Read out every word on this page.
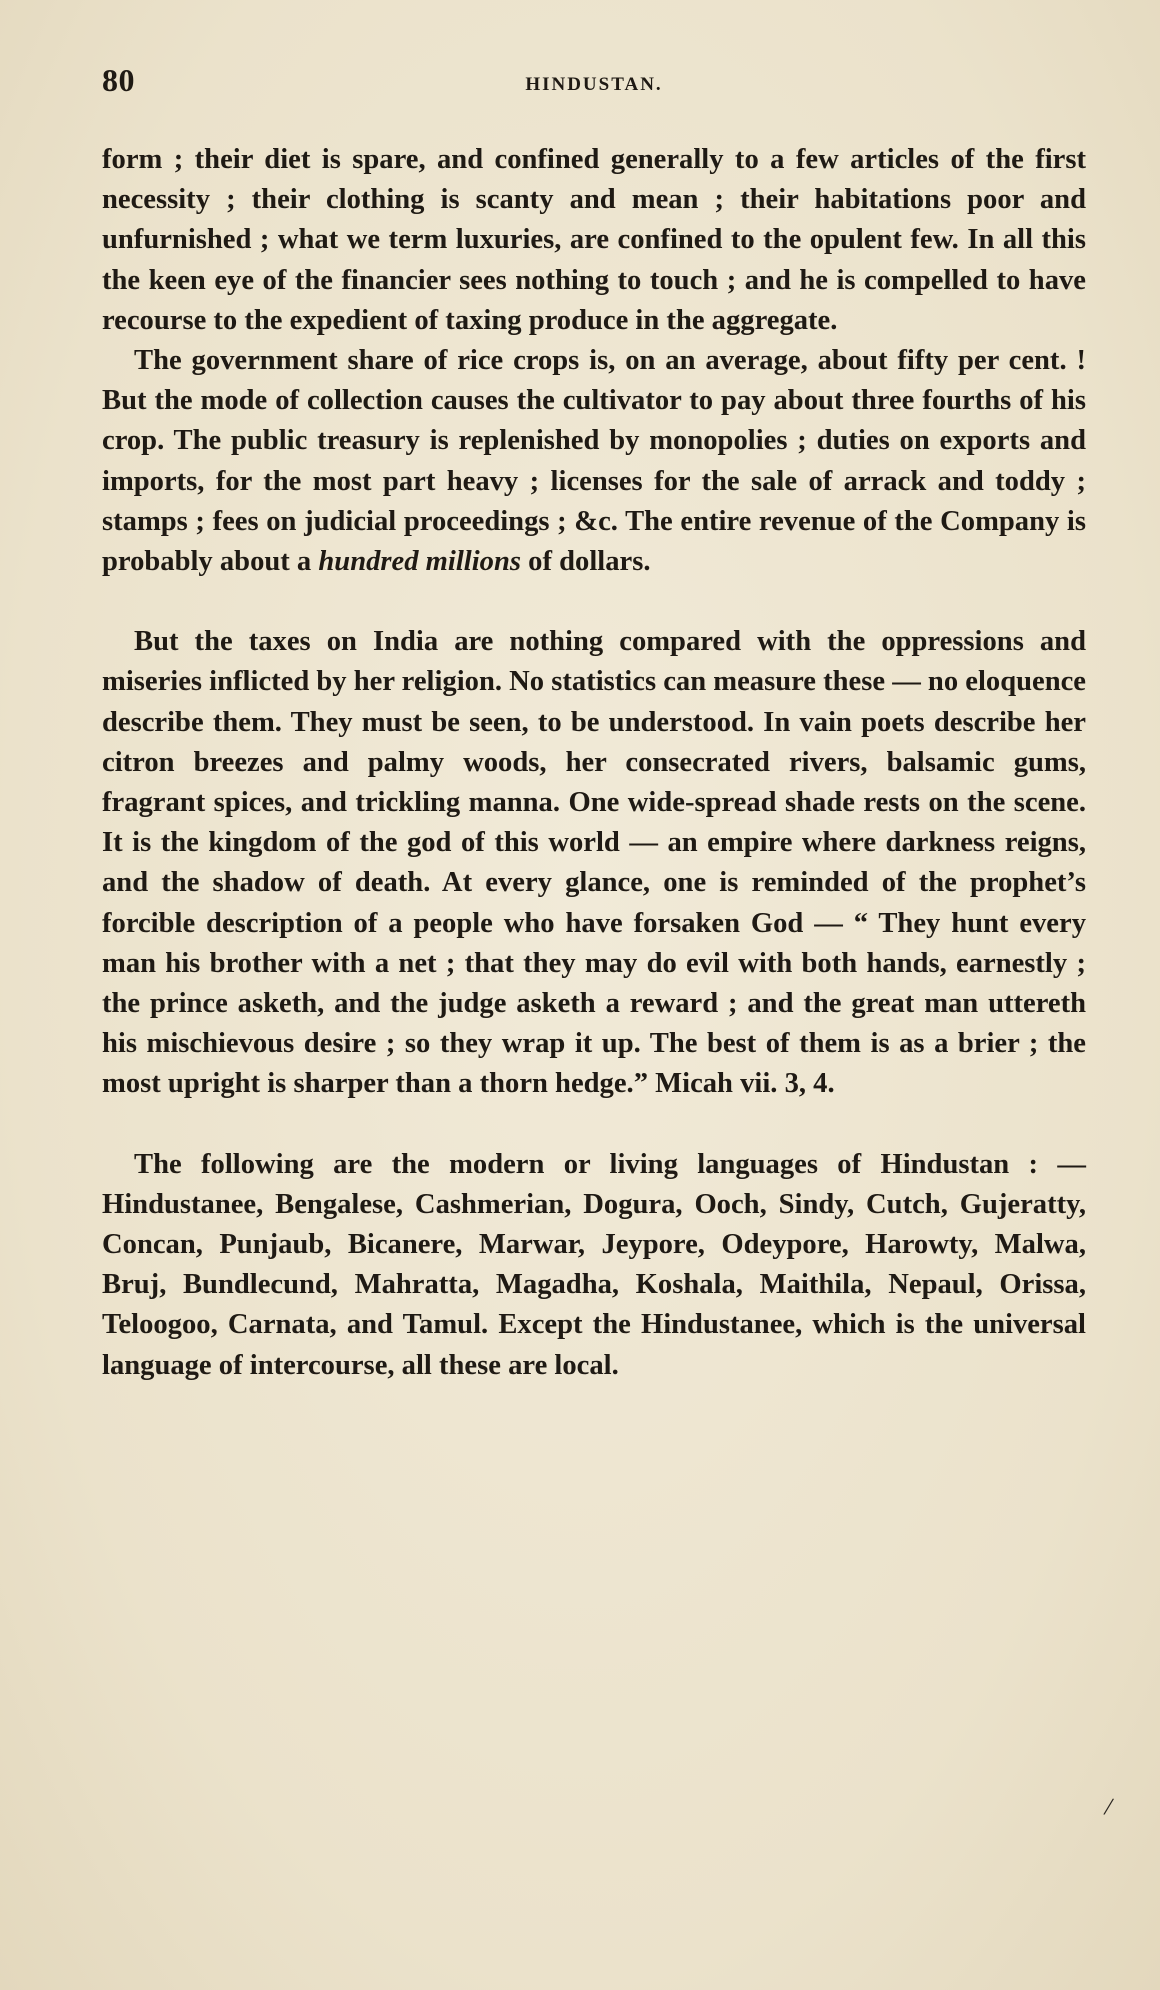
80	HINDUSTAN.

form ; their diet is spare, and confined generally to a few articles of the first necessity ; their clothing is scanty and mean ; their habitations poor and unfurnished ; what we term luxuries, are confined to the opulent few. In all this the keen eye of the financier sees nothing to touch ; and he is compelled to have recourse to the expedient of taxing produce in the aggregate.

The government share of rice crops is, on an average, about fifty per cent. ! But the mode of collection causes the cultivator to pay about three fourths of his crop. The public treasury is replenished by monopolies ; duties on exports and imports, for the most part heavy ; licenses for the sale of arrack and toddy ; stamps ; fees on judicial proceedings ; &c. The entire revenue of the Company is probably about a hundred millions of dollars.

But the taxes on India are nothing compared with the oppressions and miseries inflicted by her religion. No statistics can measure these — no eloquence describe them. They must be seen, to be understood. In vain poets describe her citron breezes and palmy woods, her consecrated rivers, balsamic gums, fragrant spices, and trickling manna. One wide-spread shade rests on the scene. It is the kingdom of the god of this world — an empire where darkness reigns, and the shadow of death. At every glance, one is reminded of the prophet’s forcible description of a people who have forsaken God — “ They hunt every man his brother with a net ; that they may do evil with both hands, earnestly ; the prince asketh, and the judge asketh a reward ; and the great man uttereth his mischievous desire ; so they wrap it up. The best of them is as a brier ; the most upright is sharper than a thorn hedge.” Micah vii. 3, 4.

The following are the modern or living languages of Hindustan : — Hindustanee, Bengalese, Cashmerian, Dogura, Ooch, Sindy, Cutch, Gujeratty, Concan, Punjaub, Bicanere, Marwar, Jeypore, Odeypore, Harowty, Malwa, Bruj, Bundlecund, Mahratta, Magadha, Koshala, Maithila, Nepaul, Orissa, Teloogoo, Carnata, and Tamul. Except the Hindustanee, which is the universal language of intercourse, all these are local.

/
